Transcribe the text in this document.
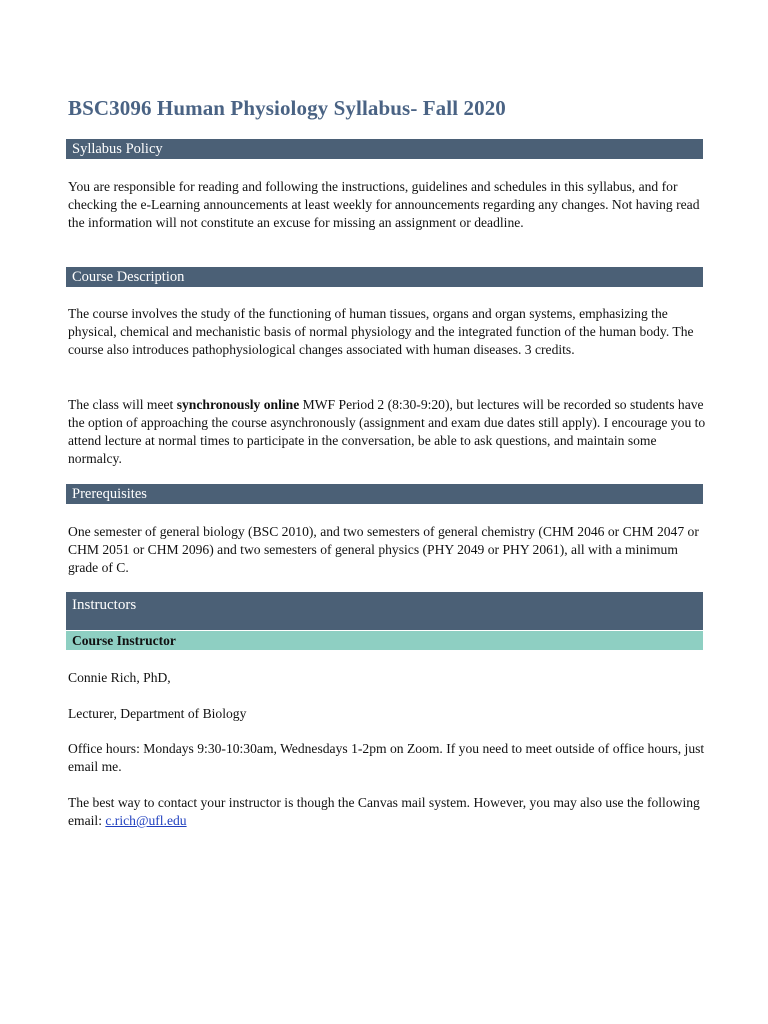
BSC3096 Human Physiology Syllabus- Fall 2020
Syllabus Policy

You are responsible for reading and following the instructions, guidelines and schedules in this syllabus, and for checking the e-Learning announcements at least weekly for announcements regarding any changes. Not having read the information will not constitute an excuse for missing an assignment or deadline.

Course Description

The course involves the study of the functioning of human tissues, organs and organ systems, emphasizing the physical, chemical and mechanistic basis of normal physiology and the integrated function of the human body. The course also introduces pathophysiological changes associated with human diseases. 3 credits.

The class will meet synchronously online MWF Period 2 (8:30-9:20), but lectures will be recorded so students have the option of approaching the course asynchronously (assignment and exam due dates still apply). I encourage you to attend lecture at normal times to participate in the conversation, be able to ask questions, and maintain some normalcy.

Prerequisites

One semester of general biology (BSC 2010), and two semesters of general chemistry (CHM 2046 or CHM 2047 or CHM 2051 or CHM 2096) and two semesters of general physics (PHY 2049 or PHY 2061), all with a minimum grade of C.

Instructors
Course Instructor

Connie Rich, PhD,

Lecturer, Department of Biology

Office hours: Mondays 9:30-10:30am, Wednesdays 1-2pm on Zoom. If you need to meet outside of office hours, just email me.

The best way to contact your instructor is though the Canvas mail system. However, you may also use the following email: c.rich@ufl.edu
